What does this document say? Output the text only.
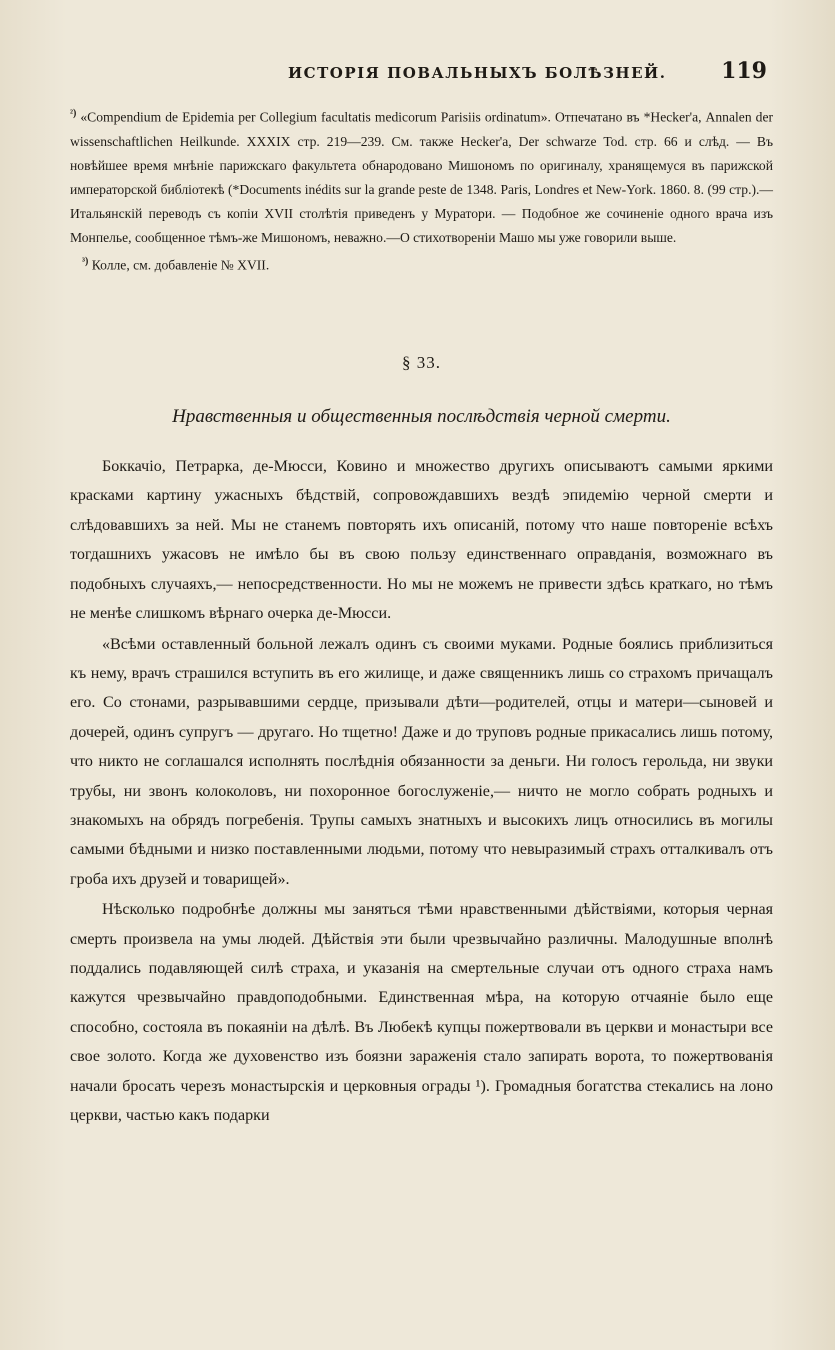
ИСТОРІЯ ПОВАЛЬНЫХЪ БОЛѢЗНЕЙ. 119
$^{^2)}$ «Compendium de Epidemia per Collegium facultatis medicorum Parisiis ordinatum». Отпечатано въ *Hecker'а, Annalen der wissenschaftlichen Heilkunde. XXXIX стр. 219—239. См. также Hecker'а, Der schwarze Tod. стр. 66 и слѣд. — Въ новѣйшее время мнѣніе парижскаго факультета обнародовано Мишономъ по оригиналу, хранящемуся въ парижской императорской библіотекѣ (*Documents inédits sur la grande peste de 1348. Paris, Londres et New-York. 1860. 8. (99 стр.).—Итальянскій переводъ съ копіи XVII столѣтія приведенъ у Муратори. — Подобное же сочиненіе одного врача изъ Монпелье, сообщенное тѣмъ-же Мишономъ, неважно.—О стихотвореніи Машо мы уже говорили выше.
$^{^3)}$ Колле, см. добавленіе № XVII.
§ 33.
Нравственныя и общественныя послѣдствія черной смерти.

Боккачіо, Петрарка, де-Мюсси, Ковино и множество другихъ описываютъ самыми яркими красками картину ужасныхъ бѣдствій, сопровождавшихъ вездѣ эпидемію черной смерти и слѣдовавшихъ за ней. Мы не станемъ повторять ихъ описаній, потому что наше повтореніе всѣхъ тогдашнихъ ужасовъ не имѣло бы въ свою пользу единственнаго оправданія, возможнаго въ подобныхъ случаяхъ,— непосредственности. Но мы не можемъ не привести здѣсь краткаго, но тѣмъ не менѣе слишкомъ вѣрнаго очерка де-Мюсси.

«Всѣми оставленный больной лежалъ одинъ съ своими муками. Родные боялись приблизиться къ нему, врачъ страшился вступить въ его жилище, и даже священникъ лишь со страхомъ причащалъ его. Со стонами, разрывавшими сердце, призывали дѣти—родителей, отцы и матери—сыновей и дочерей, одинъ супругъ — другаго. Но тщетно! Даже и до труповъ родные прикасались лишь потому, что никто не соглашался исполнять послѣднія обязанности за деньги. Ни голосъ герольда, ни звуки трубы, ни звонъ колоколовъ, ни похоронное богослуженіе,— ничто не могло собрать родныхъ и знакомыхъ на обрядъ погребенія. Трупы самыхъ знатныхъ и высокихъ лицъ относились въ могилы самыми бѣдными и низко поставленными людьми, потому что невыразимый страхъ отталкивалъ отъ гроба ихъ друзей и товарищей».

Нѣсколько подробнѣе должны мы заняться тѣми нравственными дѣйствіями, которыя черная смерть произвела на умы людей. Дѣйствія эти были чрезвычайно различны. Малодушные вполнѣ поддались подавляющей силѣ страха, и указанія на смертельные случаи отъ одного страха намъ кажутся чрезвычайно правдоподобными. Единственная мѣра, на которую отчаяніе было еще способно, состояла въ покаяніи на дѣлѣ. Въ Любекѣ купцы пожертвовали въ церкви и монастыри все свое золото. Когда же духовенство изъ боязни зараженія стало запирать ворота, то пожертвованія начали бросать черезъ монастырскія и церковныя ограды ¹). Громадныя богатства стекались на лоно церкви, частью какъ подарки
